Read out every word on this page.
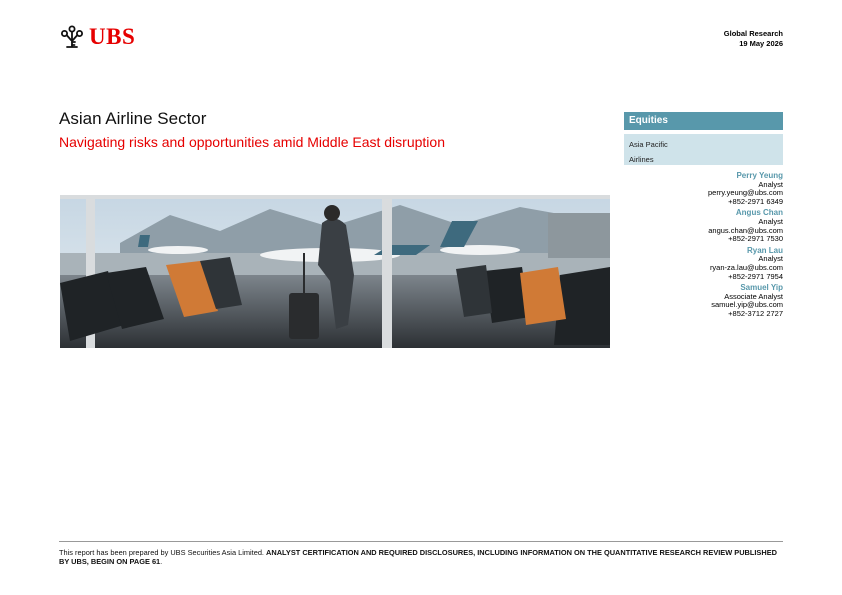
UBS	Global Research
19 May 2026
Asian Airline Sector
Navigating risks and opportunities amid Middle East disruption
Equities
Asia Pacific
Airlines
Perry Yeung
Analyst
perry.yeung@ubs.com
+852-2971 6349
Angus Chan
Analyst
angus.chan@ubs.com
+852-2971 7530
Ryan Lau
Analyst
ryan-za.lau@ubs.com
+852-2971 7954
Samuel Yip
Associate Analyst
samuel.yip@ubs.com
+852-3712 2727
This report has been prepared by UBS Securities Asia Limited. ANALYST CERTIFICATION AND REQUIRED DISCLOSURES, INCLUDING INFORMATION ON THE QUANTITATIVE RESEARCH REVIEW PUBLISHED BY UBS, BEGIN ON PAGE 61.
